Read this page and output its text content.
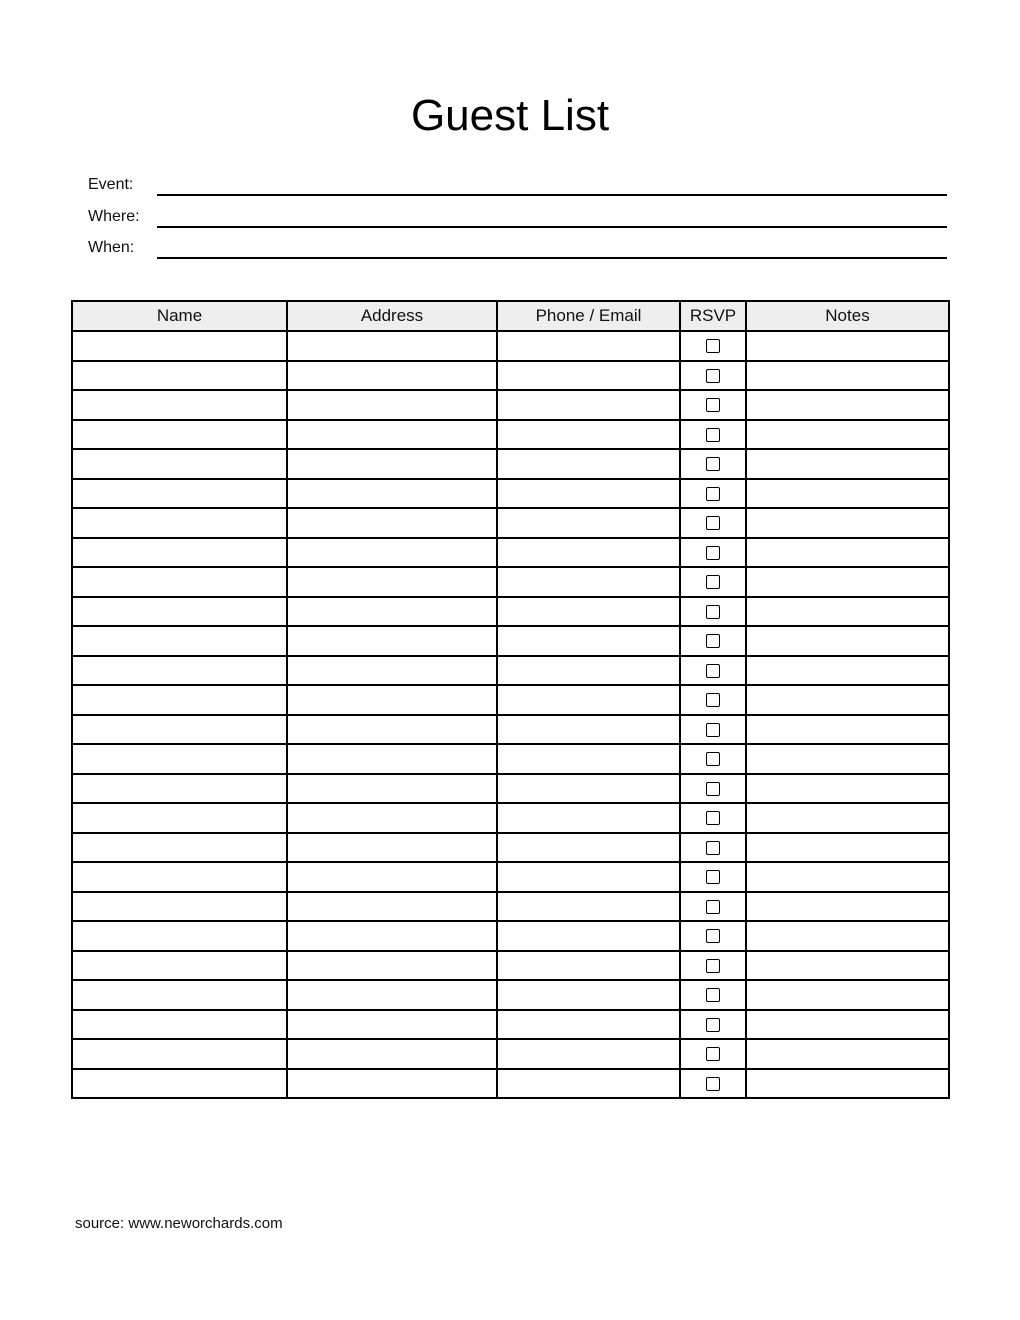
Guest List
Event:
Where:
When:
Name	Address	Phone / Email	RSVP	Notes

source: www.neworchards.com
